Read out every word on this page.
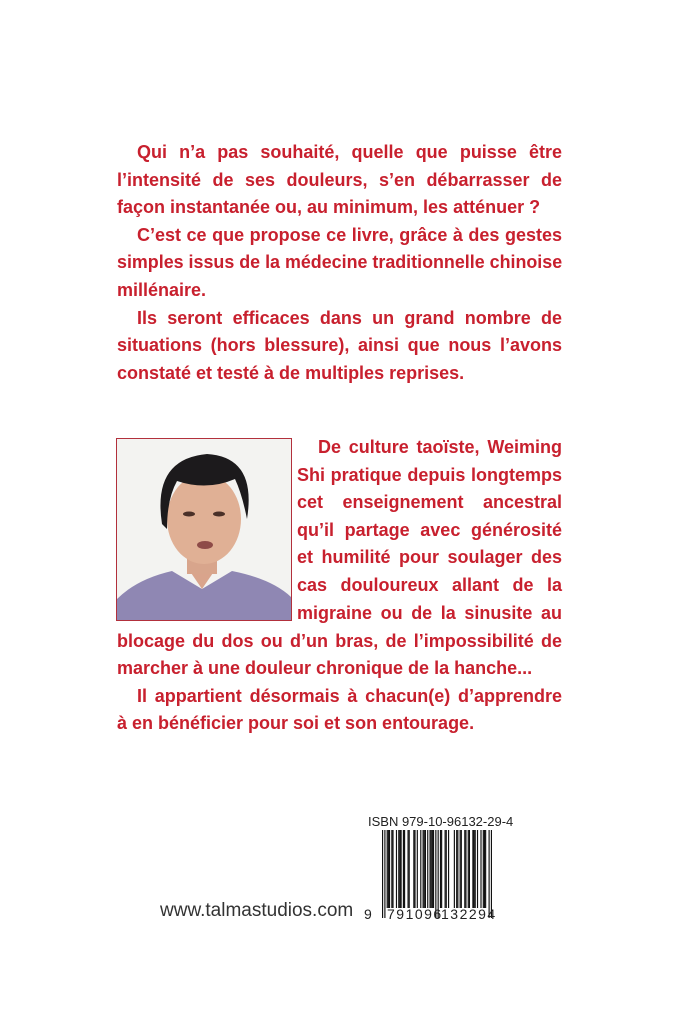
Qui n’a pas souhaité, quelle que puisse être
l’intensité de ses douleurs, s’en débarrasser de
façon instantanée ou, au minimum, les atténuer ?
C’est ce que propose ce livre, grâce à des gestes
simples issus de la médecine traditionnelle chinoise
millénaire.
Ils seront efficaces dans un grand nombre de
situations (hors blessure), ainsi que nous l’avons
constaté et testé à de multiples reprises.
De culture taoïste, Weiming
Shi pratique depuis longtemps
cet enseignement ancestral
qu’il partage avec générosité
et humilité pour soulager des
cas douloureux allant de la
migraine ou de la sinusite au
blocage du dos ou d’un bras, de l’impossibilité de
marcher à une douleur chronique de la hanche...
Il appartient désormais à chacun(e) d’apprendre
à en bénéficier pour soi et son entourage.
ISBN 979-10-96132-29-4
9 791096
132294
www.talmastudios.com
